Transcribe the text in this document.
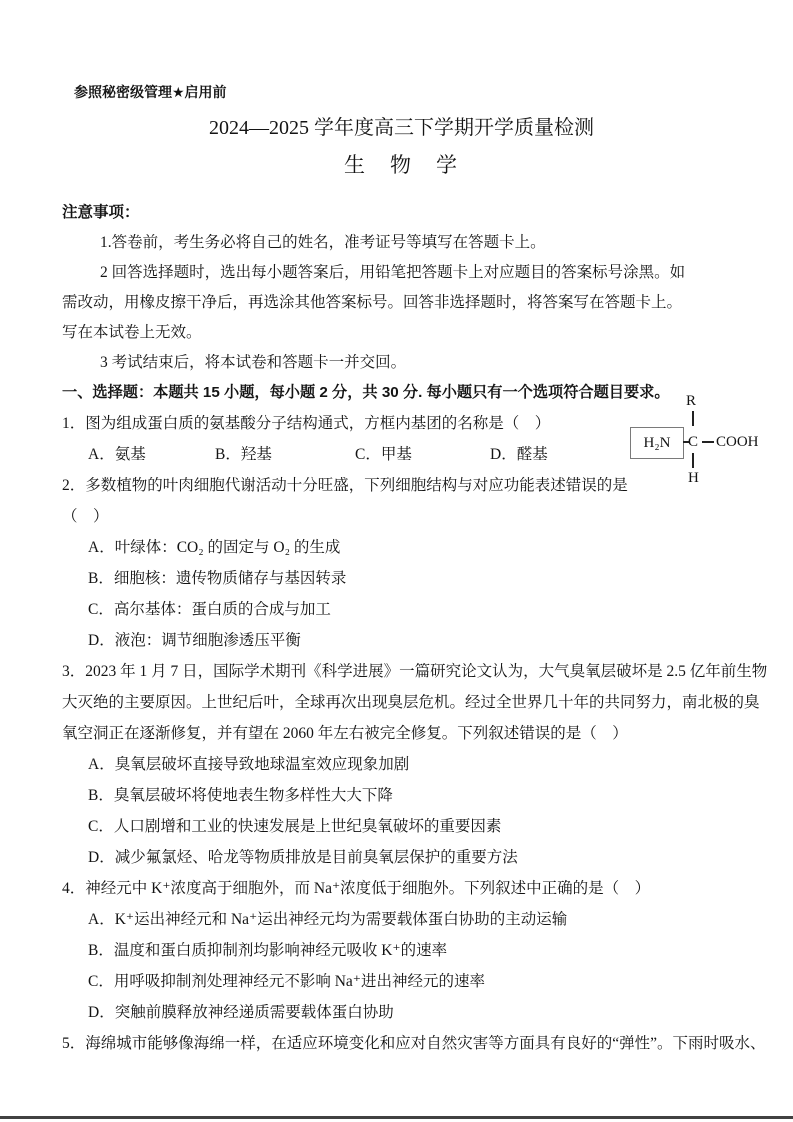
参照秘密级管理★启用前
2024—2025 学年度高三下学期开学质量检测
生　物　学
注意事项：
1.答卷前，考生务必将自己的姓名，准考证号等填写在答题卡上。
2 回答选择题时，选出每小题答案后，用铅笔把答题卡上对应题目的答案标号涂黑。如
需改动，用橡皮擦干净后，再选涂其他答案标号。回答非选择题时，将答案写在答题卡上。
写在本试卷上无效。
3 考试结束后，将本试卷和答题卡一并交回。
一、选择题：本题共 15 小题，每小题 2 分，共 30 分. 每小题只有一个选项符合题目要求。
1．图为组成蛋白质的氨基酸分子结构通式，方框内基团的名称是（　）
A．氨基	B．羟基	C．甲基	D．醛基
2．多数植物的叶肉细胞代谢活动十分旺盛，下列细胞结构与对应功能表述错误的是
（　）
A．叶绿体：CO₂ 的固定与 O₂ 的生成
B．细胞核：遗传物质储存与基因转录
C．高尔基体：蛋白质的合成与加工
D．液泡：调节细胞渗透压平衡
3．2023 年 1 月 7 日，国际学术期刊《科学进展》一篇研究论文认为，大气臭氧层破坏是 2.5 亿年前生物
大灭绝的主要原因。上世纪后叶，全球再次出现臭层危机。经过全世界几十年的共同努力，南北极的臭
氧空洞正在逐渐修复，并有望在 2060 年左右被完全修复。下列叙述错误的是（　）
A．臭氧层破坏直接导致地球温室效应现象加剧
B．臭氧层破坏将使地表生物多样性大大下降
C．人口剧增和工业的快速发展是上世纪臭氧破坏的重要因素
D．减少氟氯烃、哈龙等物质排放是目前臭氧层保护的重要方法
4．神经元中 K⁺浓度高于细胞外，而 Na⁺浓度低于细胞外。下列叙述中正确的是（　）
A．K⁺运出神经元和 Na⁺运出神经元均为需要载体蛋白协助的主动运输
B．温度和蛋白质抑制剂均影响神经元吸收 K⁺的速率
C．用呼吸抑制剂处理神经元不影响 Na⁺进出神经元的速率
D．突触前膜释放神经递质需要载体蛋白协助
5．海绵城市能够像海绵一样，在适应环境变化和应对自然灾害等方面具有良好的“弹性”。下雨时吸水、
R
H₂N C COOH
H
